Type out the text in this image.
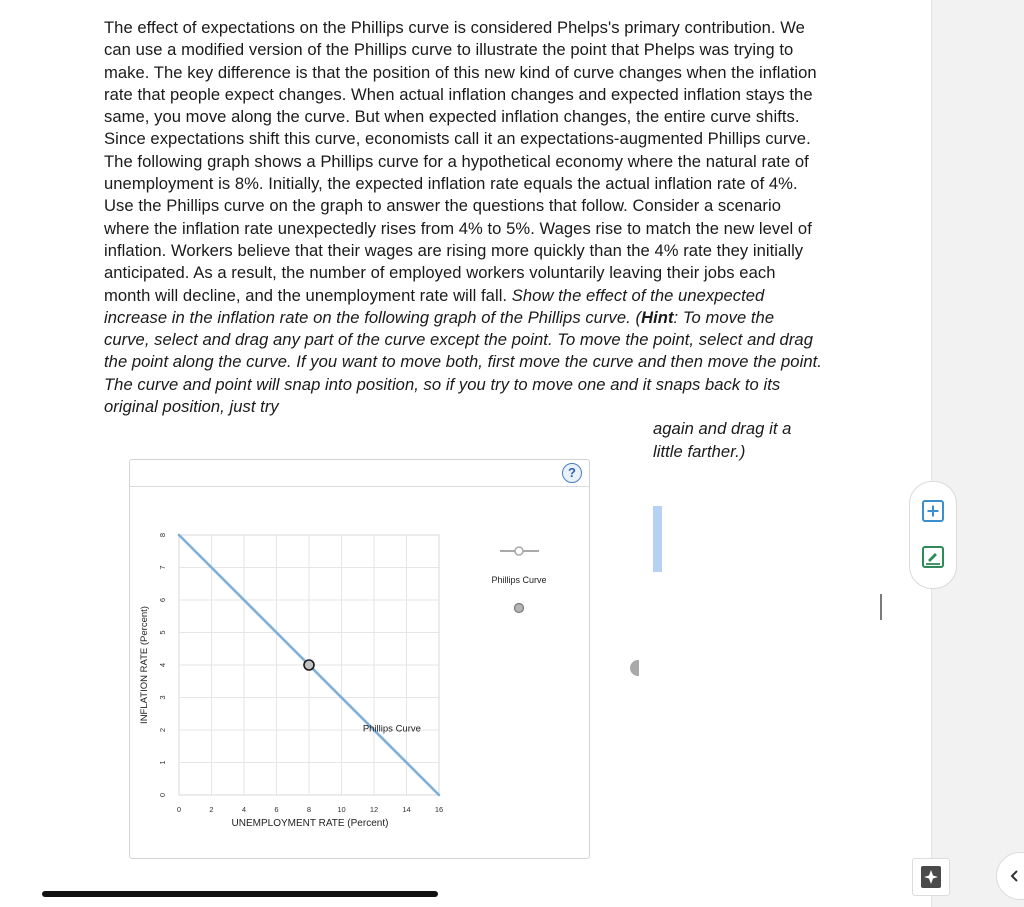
The effect of expectations on the Phillips curve is considered Phelps's primary contribution. We can use a modified version of the Phillips curve to illustrate the point that Phelps was trying to make. The key difference is that the position of this new kind of curve changes when the inflation rate that people expect changes. When actual inflation changes and expected inflation stays the same, you move along the curve. But when expected inflation changes, the entire curve shifts. Since expectations shift this curve, economists call it an expectations-augmented Phillips curve. The following graph shows a Phillips curve for a hypothetical economy where the natural rate of unemployment is 8%. Initially, the expected inflation rate equals the actual inflation rate of 4%. Use the Phillips curve on the graph to answer the questions that follow. Consider a scenario where the inflation rate unexpectedly rises from 4% to 5%. Wages rise to match the new level of inflation. Workers believe that their wages are rising more quickly than the 4% rate they initially anticipated. As a result, the number of employed workers voluntarily leaving their jobs each month will decline, and the unemployment rate will fall. Show the effect of the unexpected increase in the inflation rate on the following graph of the Phillips curve. (Hint: To move the curve, select and drag any part of the curve except the point. To move the point, select and drag the point along the curve. If you want to move both, first move the curve and then move the point. The curve and point will snap into position, so if you try to move one and it snaps back to its original position, just try
again and drag it a little farther.)
?
0
1
2
3
4
5
6
7
8
0	2	4	6	8	10	12	14	16
UNEMPLOYMENT RATE (Percent)
INFLATION RATE (Percent)
Phillips Curve
Phillips Curve
